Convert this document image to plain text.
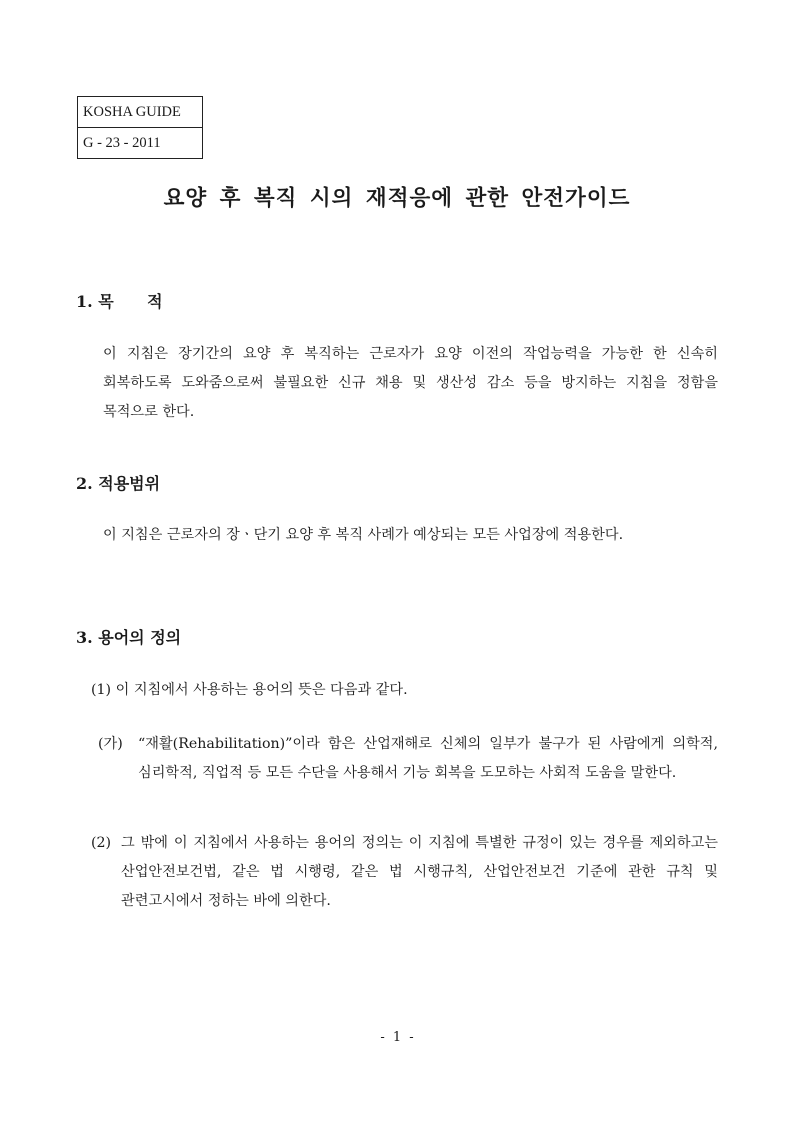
KOSHA GUIDE
G - 23 - 2011
요양 후 복직 시의 재적응에 관한 안전가이드
1. 목      적
이 지침은 장기간의 요양 후 복직하는 근로자가 요양 이전의 작업능력을 가능한 한 신속히 회복하도록 도와줌으로써 불필요한 신규 채용 및 생산성 감소 등을 방지하는 지침을 정함을 목적으로 한다.
2. 적용범위
이 지침은 근로자의 장ㆍ단기 요양 후 복직 사례가 예상되는 모든 사업장에 적용한다.
3. 용어의 정의
(1) 이 지침에서 사용하는 용어의 뜻은 다음과 같다.
(가)	“재활(Rehabilitation)”이라 함은 산업재해로 신체의 일부가 불구가 된 사람에게 의학적, 심리학적, 직업적 등 모든 수단을 사용해서 기능 회복을 도모하는 사회적 도움을 말한다.
(2) 그 밖에 이 지침에서 사용하는 용어의 정의는 이 지침에 특별한 규정이 있는 경우를 제외하고는 산업안전보건법, 같은 법 시행령, 같은 법 시행규칙, 산업안전보건 기준에 관한 규칙 및 관련고시에서 정하는 바에 의한다.
- 1 -
